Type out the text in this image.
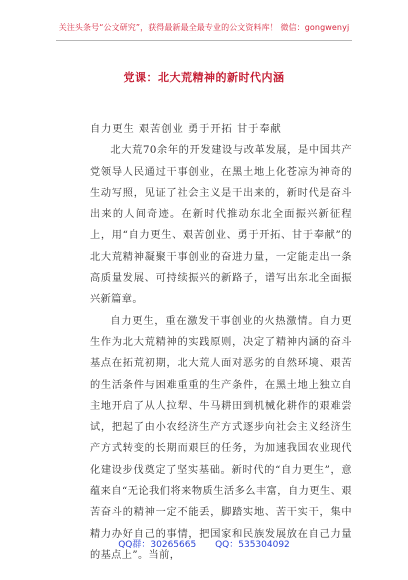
关注头条号“公文研究”，获得最新最全最专业的公文资料库！ 微信：gongwenyj
党课：北大荒精神的新时代内涵
自力更生 艰苦创业 勇于开拓 甘于奉献

北大荒70余年的开发建设与改革发展，是中国共产党领导人民通过干事创业，在黑土地上化苍凉为神奇的生动写照，见证了社会主义是干出来的，新时代是奋斗出来的人间奇迹。在新时代推动东北全面振兴新征程上，用“自力更生、艰苦创业、勇于开拓、甘于奉献”的北大荒精神凝聚干事创业的奋进力量，一定能走出一条高质量发展、可持续振兴的新路子，谱写出东北全面振兴新篇章。

自力更生，重在激发干事创业的火热激情。自力更生作为北大荒精神的实践原则，决定了精神内涵的奋斗基点在拓荒初期，北大荒人面对恶劣的自然环境、艰苦的生活条件与困难重重的生产条件，在黑土地上独立自主地开启了从人拉犁、牛马耕田到机械化耕作的艰难尝试，把起了由小农经济生产方式逐步向社会主义经济生产方式转变的长期而艰巨的任务，为加速我国农业现代化建设步伐奠定了坚实基础。新时代的“自力更生”，意蕴来自“无论我们将来物质生活多么丰富，自力更生、艰苦奋斗的精神一定不能丢，脚踏实地、苦干实干，集中精力办好自己的事情，把国家和民族发展放在自己力量的基点上”。当前，

QQ群：30265665 QQ：535304092
